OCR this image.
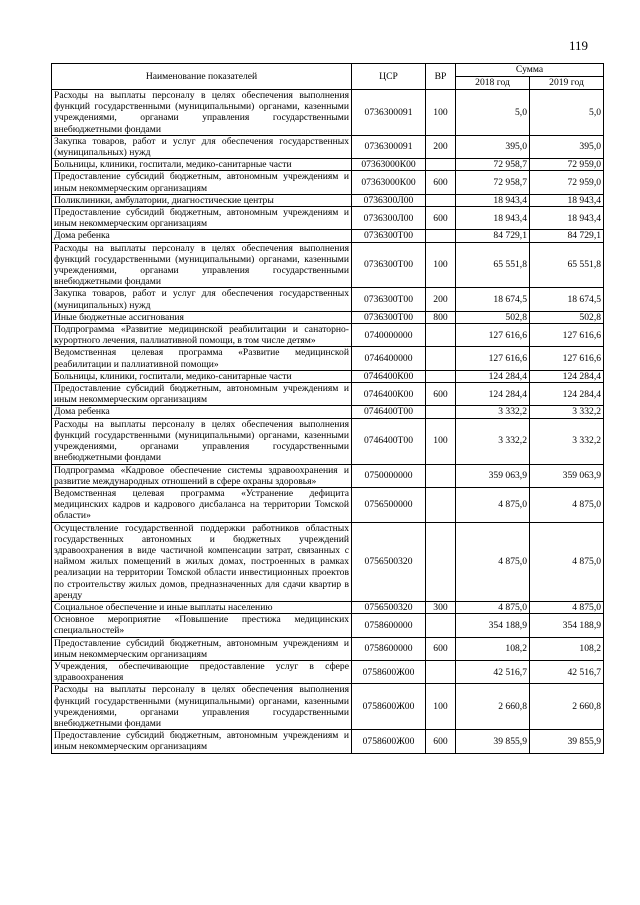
119
Наименование показателей	ЦСР	ВР	Сумма	
			2018 год	2019 год
Расходы на выплаты персоналу в целях обеспечения выполнения функций государственными (муниципальными) органами, казенными учреждениями, органами управления государственными внебюджетными фондами	0736300091	100	5,0	5,0
Закупка товаров, работ и услуг для обеспечения государственных (муниципальных) нужд	0736300091	200	395,0	395,0
Больницы, клиники, госпитали, медико-санитарные части	07363000К00		72 958,7	72 959,0
Предоставление субсидий бюджетным, автономным учреждениям и иным некоммерческим организациям	07363000К00	600	72 958,7	72 959,0
Поликлиники, амбулатории, диагностические центры	0736300Л00		18 943,4	18 943,4
Предоставление субсидий бюджетным, автономным учреждениям и иным некоммерческим организациям	0736300Л00	600	18 943,4	18 943,4
Дома ребенка	0736300Т00		84 729,1	84 729,1
Расходы на выплаты персоналу в целях обеспечения выполнения функций государственными (муниципальными) органами, казенными учреждениями, органами управления государственными внебюджетными фондами	0736300Т00	100	65 551,8	65 551,8
Закупка товаров, работ и услуг для обеспечения государственных (муниципальных) нужд	0736300Т00	200	18 674,5	18 674,5
Иные бюджетные ассигнования	0736300Т00	800	502,8	502,8
Подпрограмма «Развитие медицинской реабилитации и санаторно-курортного лечения, паллиативной помощи, в том числе детям»	0740000000		127 616,6	127 616,6
Ведомственная целевая программа «Развитие медицинской реабилитации и паллиативной помощи»	0746400000		127 616,6	127 616,6
Больницы, клиники, госпитали, медико-санитарные части	0746400К00		124 284,4	124 284,4
Предоставление субсидий бюджетным, автономным учреждениям и иным некоммерческим организациям	0746400К00	600	124 284,4	124 284,4
Дома ребенка	0746400Т00		3 332,2	3 332,2
Расходы на выплаты персоналу в целях обеспечения выполнения функций государственными (муниципальными) органами, казенными учреждениями, органами управления государственными внебюджетными фондами	0746400Т00	100	3 332,2	3 332,2
Подпрограмма «Кадровое обеспечение системы здравоохранения и развитие международных отношений в сфере охраны здоровья»	0750000000		359 063,9	359 063,9
Ведомственная целевая программа «Устранение дефицита медицинских кадров и кадрового дисбаланса на территории Томской области»	0756500000		4 875,0	4 875,0
Осуществление государственной поддержки работников областных государственных автономных и бюджетных учреждений здравоохранения в виде частичной компенсации затрат, связанных с наймом жилых помещений в жилых домах, построенных в рамках реализации на территории Томской области инвестиционных проектов по строительству жилых домов, предназначенных для сдачи квартир в аренду	0756500320		4 875,0	4 875,0
Социальное обеспечение и иные выплаты населению	0756500320	300	4 875,0	4 875,0
Основное мероприятие «Повышение престижа медицинских специальностей»	0758600000		354 188,9	354 188,9
Предоставление субсидий бюджетным, автономным учреждениям и иным некоммерческим организациям	0758600000	600	108,2	108,2
Учреждения, обеспечивающие предоставление услуг в сфере здравоохранения	0758600Ж00		42 516,7	42 516,7
Расходы на выплаты персоналу в целях обеспечения выполнения функций государственными (муниципальными) органами, казенными учреждениями, органами управления государственными внебюджетными фондами	0758600Ж00	100	2 660,8	2 660,8
Предоставление субсидий бюджетным, автономным учреждениям и иным некоммерческим организациям	0758600Ж00	600	39 855,9	39 855,9
